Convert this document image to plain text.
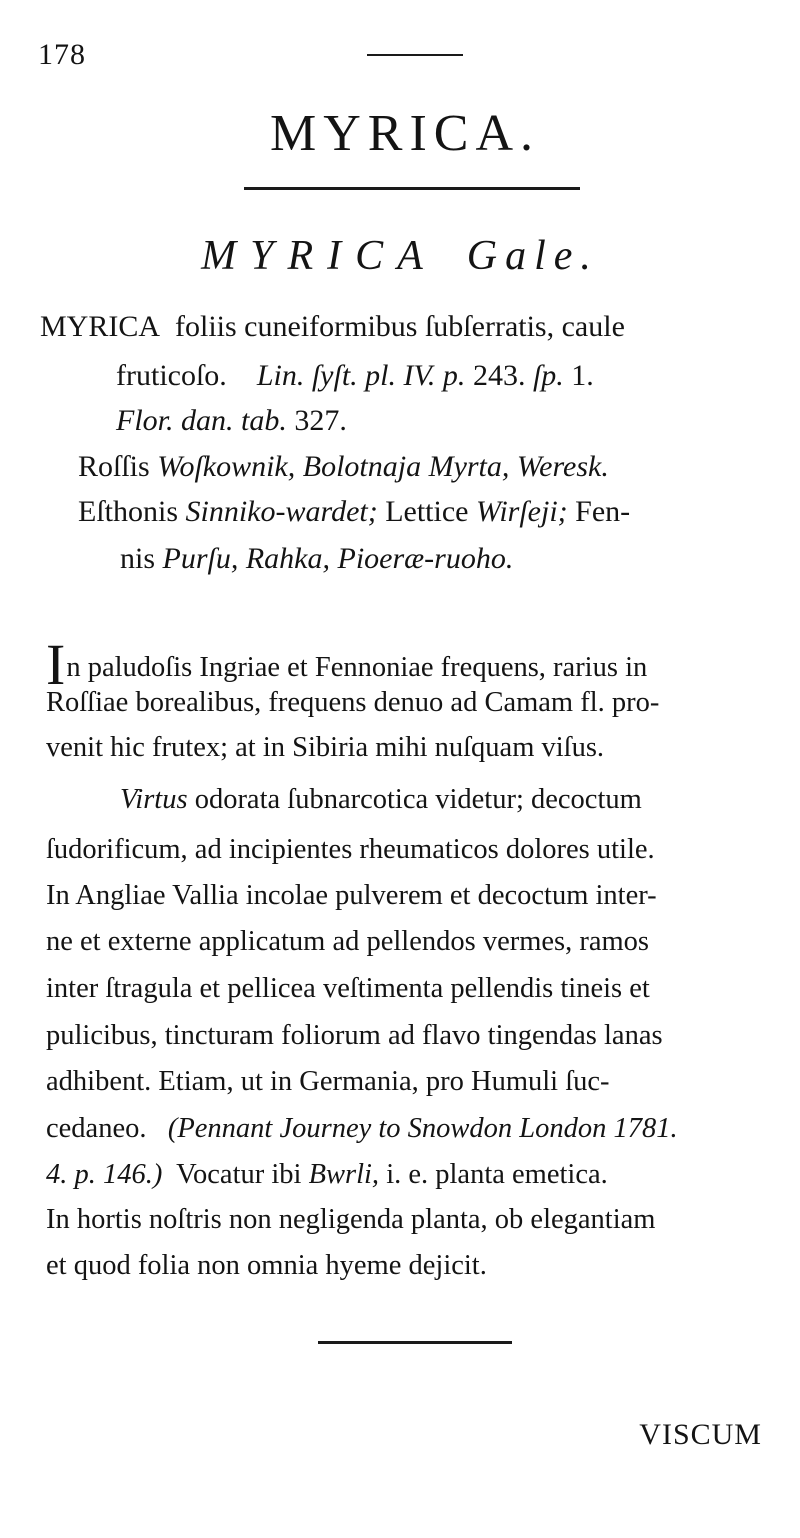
178
MYRICA.
MYRICA Gale.
MYRICA foliis cuneiformibus ſubſerratis, caule
fruticoſo. Lin. ſyſt. pl. IV. p. 243. ſp. 1.
Flor. dan. tab. 327.
Roſſis Woſkownik, Bolotnaja Myrta, Weresk.
Eſthonis Sinniko-wardet; Lettice Wirſeji; Fen-
nis Purſu, Rahka, Pioeræ-ruoho.
In paludoſis Ingriae et Fennoniae frequens, rarius in
Roſſiae borealibus, frequens denuo ad Camam fl. pro-
venit hic frutex; at in Sibiria mihi nuſquam viſus.
Virtus odorata ſubnarcotica videtur; decoctum
ſudorificum, ad incipientes rheumaticos dolores utile.
In Angliae Vallia incolae pulverem et decoctum inter-
ne et externe applicatum ad pellendos vermes, ramos
inter ſtragula et pellicea veſtimenta pellendis tineis et
pulicibus, tincturam foliorum ad flavo tingendas lanas
adhibent. Etiam, ut in Germania, pro Humuli ſuc-
cedaneo. (Pennant Journey to Snowdon London 1781.
4. p. 146.) Vocatur ibi Bwrli, i. e. planta emetica.
In hortis noſtris non negligenda planta, ob elegantiam
et quod folia non omnia hyeme dejicit.
VISCUM
